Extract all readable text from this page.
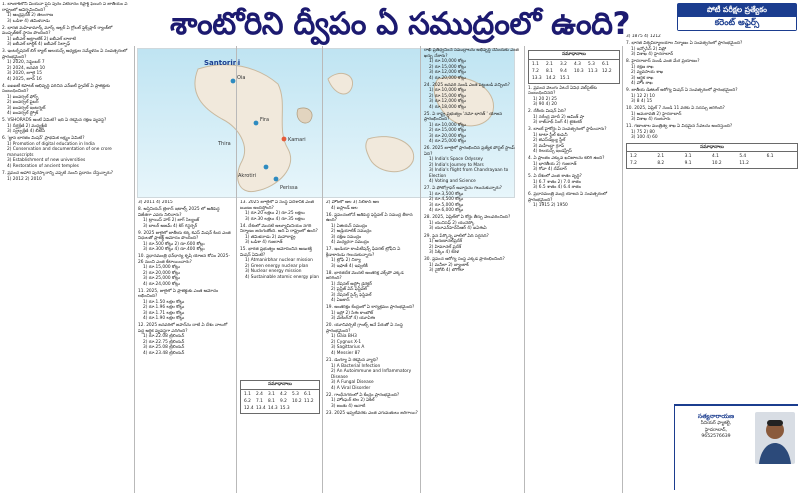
శాంటోరిని ద్వీపం ఏ సముద్రంలో ఉంది?	పోటీ పరీక్షల ప్రత్యేకం
కరెంట్ అఫైర్స్
Santorini
Oia
Fira
Thira
Akrotiri
Kamari
Perissa

1. బాంకాక్‌లోని మియనా ఫ్లెస్ పురం ఏటిదానం రిఫ్రాక్ట్ ఫెయిర్ ఏ జాతీయం ఏ రాష్ట్రంలో ఆవిర్భవించింది?

1) ఆంధ్రప్రదేశ్ 2) తెలంగాణ

3) ఒడిశా 4) తమిళనాడు

2. భారత మహిళామార్క్‌ మార్క్ అల్లర్ ఏ గ్లోబల్ ఫ్లెక్స్‌ప్లార్ ర్యాంక్‌లో ముప్పత్‌కల్ స్థానం పొందింది?

1) ఐబీఎల్ అట్లాంటిక్ 2) ఐబీఎల్ బాలాటి

3) ఐబీఎల్ బాల్టిక్ 4) ఐబీఎల్ సిల్ఫాఫ్

3. ఇంటర్నేషనల్ బిగ్ క్యాట్ అలయన్స్ అధ్యక్షుల సమ్మేళనం ఏ సంవత్సరంలో ప్రారంభమైంది?

1) 2020, సెప్టెంబర్ 7

2) 2024, జనవరి 10

3) 2020, జూలై 15

4) 2025, జూన్ 16

4. ఐఐఐటీ కెపాటక్ అభివృద్ధి పరిచిన ఎన్ఐటీ ప్రైవేట్ ఏ ప్రాజెక్టుకు సంబంధించింది?

1) ఐంవర్సల్ ఫోర్స్

2) ఐంవర్సల్ ఫైబర్

3) ఐంవర్సల్ ఇంటర్నెట్

4) ఐంవర్సల్ స్ట్రోక్

5. VSHORADS అంటే ఏమిటి? ఇది ఏ రకమైన రక్షణ వ్యవస్థ?

1) దీర్ఘశ్రేణి 2) మధ్యశ్రేణి

3) స్వల్పశ్రేణి 4) బీటీసీ

6. 'జ్ఞాన భారతం మిషన్' ప్రాథమిక లక్ష్యం ఏమిటి?

1) Promotion of digital education in India

2) Conservation and documentation of one crore manuscripts

3) Establishment of new universities

4) Restoration of ancient temples

7. ప్రపంచ ఆహార పురస్కారాన్ని ఎప్పటి నుంచి ప్రదానం చేస్తున్నారు?

1) 2012 2) 2010

3) 2011 4) 2015

8. అస్తినియన్ ట్రెలాన్ ఇటాల్స్ 2025 లో అతిపెద్ద విజేతగా ఎవరు నిలిచారు?

1) ట్రాయిస్ హార్ 2) జాగ్ సిల్యంజ్

3) బాబర్ ఆజమ్ 4) కిర్ గెస్టర్ఫెర్

9. 2025 జులైలో జాతీయ కర్క కెఎస్ మిషన్ కింద ఎంత నిధులతో ప్రాజెక్ట్ ఆమోదం పొందింది?

1) రూ.500 కోట్లు 2) రూ.600 కోట్లు

3) రూ.300 కోట్లు 4) రూ.400 కోట్లు

10. ప్రధానమంత్రి ధన్‌ధాన్య కృషి యోజన కోసం 2025-26 నుంచి ఎంత కేటాయించారు?

1) రూ.15,000 కోట్లు

2) రూ.20,000 కోట్లు

3) రూ.25,000 కోట్లు

4) రూ.24,000 కోట్లు

11. 2025, జులైలో ఏ ప్రాజెక్టుకు ఎంత ఆమోదం లభించింది?

1) రూ.1.50 లక్షల కోట్లు

2) రూ.1.96 లక్షల కోట్లు

3) రూ.1.71 లక్షల కోట్లు

4) రూ.1.90 లక్షల కోట్లు

12. 2025 జనవరిలో జపాన్‌ను దాటి ఏ దేశం నాలుగో పెద్ద ఆర్థిక వ్యవస్థగా ఎదిగింది?

1) రూ.22.08 ట్రిలియన్

2) రూ.22.75 ట్రిలియన్

3) రూ.25.08 ట్రిలియన్

4) రూ.23.48 ట్రిలియన్

13. 2025 జూలైలో ఏ సంస్థ ఏదేశానికి ఎంత ఋణం అందిస్తోంది?

1) రూ.20 లక్షలు 2) రూ.25 లక్షలు

3) రూ.30 లక్షలు 4) రూ.35 లక్షలు

14. దేశంలో మొదటి అల్యూమినియం నగరి నిర్మాణం జరుగుతోంది. అది ఏ రాష్ట్రంలో ఉంది?

1) తమిళనాడు 2) మహారాష్ట్ర

3) ఒడిశా 4) గుజరాత్

15. భారత ప్రభుత్వం ఆమోదించిన అణుశక్తి మిషన్ ఏమిటి?

1) Atmanirbhar nuclear mission

2) Green energy nuclear plan

3) Nuclear energy mission

4) Sustainable atomic energy plan

సమాధానాలు
1.1	2.4	3.1	4.2	5.3	6.1
6.2	7.1	8.1	9.2	10.2 11.2
12.4 13.4 14.3 15.3

2) హోంలో అల 3) సిలికాన్ అల

4) ఐస్లాండ్ అల

16. ప్రపంచంలోనే అతిపెద్ద ఫెస్టివల్ ఏ సముద్ర తీరాన ఉంది?

1) ఏజియన్ సముద్రం

2) అడ్రియాటిక్ సముద్రం

3) దక్షిణ సముద్రం

4) మధ్యధరా సముద్రం

17. ఇండియా కాంపిటీషన్స్ ఫేవరెట్ ట్రోఫీని ఏ క్రీడాకారుడు గెలుచుకున్నారు?

1) ట్రోఫి 2) చిర్యా

3) ఇఫాతే 4) ఇప్పటికీ

18. భారతదేశ మొదటి అంతరిక్ష ఎక్స్‌పో ఎక్కడ జరిగింది?

1) నేషనల్ ఆస్ట్రో డైరెక్టర్

2) ప్రెస్టీజ్ ఏస్ ఫెస్టివల్

3) నేషనల్ సైన్స్ ఫెస్టివల్

4) ఏఐకాన్

19. అంతరిక్షం కేంద్రంలో ఏ కార్యక్రమం ప్రారంభమైంది?

1) ఇస్రో 2) సిఈ కాంబౌట్

3) మేకింగ్‌నో 4) యూఏఈ

20. యూనివర్సిటీ గ్రాంట్స్ అనే పేరుతో ఏ సంస్థ ప్రారంభమైంది?

1) Gaia BH3

2) Cygnus X-1

3) Sagittarius A

4) Messier 87

21. డెంగ్యూ ఏ రకమైన వ్యాధి?

1) A Bacterial Infection

2) An Autoimmune and Inflammatory Disease

3) A Fungal Disease

4) A Viral Disorder

22. గాంధీనగరంలో ఏ కేంద్రం ప్రారంభమైంది?

1) హోంఘర్ టెల 2) ఏకిల్

3) జంతు 4) అనాటి

23. 2025 ఇప్పటివరకు ఎంత ఎగుమతులు జరిగాయి?

రాఖీ ప్రతిధ్వనించే సముద్రాలను అభివృద్ధి చేసేందుకు ఎంత ఖర్చు చేశారు?

1) రూ.10,000 కోట్లు

2) రూ.15,000 కోట్లు

3) రూ.12,000 కోట్లు

4) రూ.20,000 కోట్లు

24. 2025 జనవరి నుండి ఎంత పెట్టుబడి వచ్చింది?

1) రూ.10,000 కోట్లు

2) రూ.15,000 కోట్లు

3) రూ.12,000 కోట్లు

4) రూ.18,000 కోట్లు

25. ఏ రాష్ట్ర ప్రభుత్వం 'నమో భారత్ ' యోజన ప్రారంభించింది?

1) రూ.10,000 కోట్లు

2) రూ.15,000 కోట్లు

3) రూ.20,000 కోట్లు

4) రూ.25,000 కోట్లు

26. 2025 జూలైలో ప్రారంభించిన ప్రత్యేక పోస్టల్ స్టాంప్ ఏది?

1) India's Space Odyssey

2) India's Journey to Mars

3) India's flight from Chandrayaan to Election

4) Voting and Science

27. ఏ ఫోటోగ్రాఫర్ అవార్డును గెలుచుకున్నారు?

1) రూ.3,500 కోట్లు

2) రూ.4,500 కోట్లు

3) రూ.5,000 కోట్లు

4) రూ.6,000 కోట్లు

28. 2025, ఏప్రిల్‌లో ఏ కోర్టు తీర్పు వెలువరించింది?

1) యునిసెఫ్ 2) యునెస్కో

3) యూఎన్‌హెచ్‌సీఆర్ 4) ఐఏఈఏ

29. పైన పేర్కొన్న వాటిలో ఏది సరైనది?

1) అరుణాచల్‌ప్రదేశ్

2) హిమాచల్ ప్రదేశ్

3) సిక్కిం 4) కేరళ

30. ప్రపంచ ఆరోగ్య సంస్థ ఎక్కడ ప్రారంభించింది?

1) మనీలా 2) బ్యాంకాక్

3) నైరోబీ 4) బొగోటా

సమాధానాలు
1.1	2.1	3.2	4.3	5.3	6.1
7.2	8.1	9.4	10.3	11.3	12.2
13.3	14.2	15.1

1. ప్రపంచ వెలుగు ఏటనే ఏవిధ వెబ్‌సైట్‌కు సంబంధించినది?

1) 20 2) 25

3) 90 4) 20

2. దేశీయ మిషన్ ఏది?

1) నరేంద్ర మోదీ 2) అమిత్ షా

3) రాజ్‌నాథ్ సింగ్ 4) జైశంకర్

3. బాంబే హైకోర్టు ఏ సంవత్సరంలో స్థాపించారు?

1) టాటా స్టీల్ కంపెనీ

2) జెఎస్‌డబ్ల్యు స్టీల్

3) మహీంద్రా గ్రూప్

4) రిలయన్స్ ఇండస్ట్రీస్

4. ఏ ప్రాంతం ఎక్కువ ఖనిజాలను కలిగి ఉంది?

1) భారతీయ 2) గుజరాత్

3) గోవా 4) దేవ్‌దార్

5. ఏ దేశంలో ఎంత శాతం వృద్ధి?

1) 6.7 శాతం 2) 7.0 శాతం

3) 6.5 శాతం 4) 6.4 శాతం

6. ప్రధానమంత్రి ముద్ర యోజన ఏ సంవత్సరంలో ప్రారంభమైంది?

1) 1915 2) 1950

3) 1875 4) 1212

7. భారత విశ్వవిద్యాలయాల నిర్మాణం ఏ సంవత్సరంలో ప్రారంభమైంది?

1) ఇన్ఫోసిస్ 2) విప్రో

3) విశాఖ 4) హైదరాబాద్

8. హైదరాబాద్ నుండి ఎంత మేర ప్రయాణం?

1) రక్షణ శాఖ

2) వ్యవసాయ శాఖ

3) ఆర్థిక శాఖ

4) హోం శాఖ

9. జాతీయ డిజిటల్ ఆరోగ్య మిషన్ ఏ సంవత్సరంలో ప్రారంభమైంది?

1) 12 2) 10

3) 8 4) 15

10. 2025, ఏప్రిల్ 7 నుండి 11 వరకు ఏ సదస్సు జరిగింది?

1) అమరావతి 2) హైదరాబాద్

3) విశాఖ 4) గుంటూరు

11. గణాంకాల మంత్రిత్వ శాఖ ఏ విధమైన సేవలను అందిస్తుంది?

1) 75 2) 80

3) 100 4) 60

సమాధానాలు
1.2	2.1	3.1	4.1	5.4	6.1
7.2	8.2	9.1	10.2	11.2
సత్యనారాయణ
సీనియర్ ఫ్యాకల్టీ,
హైదరాబాద్,
9652576639
